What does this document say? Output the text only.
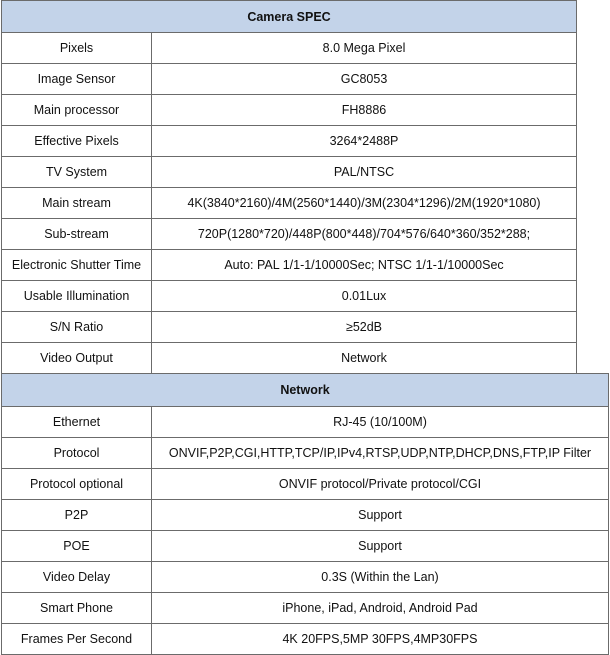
Camera SPEC	
Pixels	8.0 Mega Pixel
Image Sensor	GC8053
Main processor	FH8886
Effective Pixels	3264*2488P
TV System	PAL/NTSC
Main stream	4K(3840*2160)/4M(2560*1440)/3M(2304*1296)/2M(1920*1080)
Sub-stream	720P(1280*720)/448P(800*448)/704*576/640*360/352*288;
Electronic Shutter Time	Auto: PAL 1/1-1/10000Sec; NTSC 1/1-1/10000Sec
Usable Illumination	0.01Lux
S/N Ratio	≥52dB
Video Output	Network
Network	
Ethernet	RJ-45 (10/100M)
Protocol	ONVIF,P2P,CGI,HTTP,TCP/IP,IPv4,RTSP,UDP,NTP,DHCP,DNS,FTP,IP Filter
Protocol optional	ONVIF protocol/Private protocol/CGI
P2P	Support
POE	Support
Video Delay	0.3S (Within the Lan)
Smart Phone	iPhone, iPad, Android, Android Pad
Frames Per Second	4K 20FPS,5MP 30FPS,4MP30FPS
